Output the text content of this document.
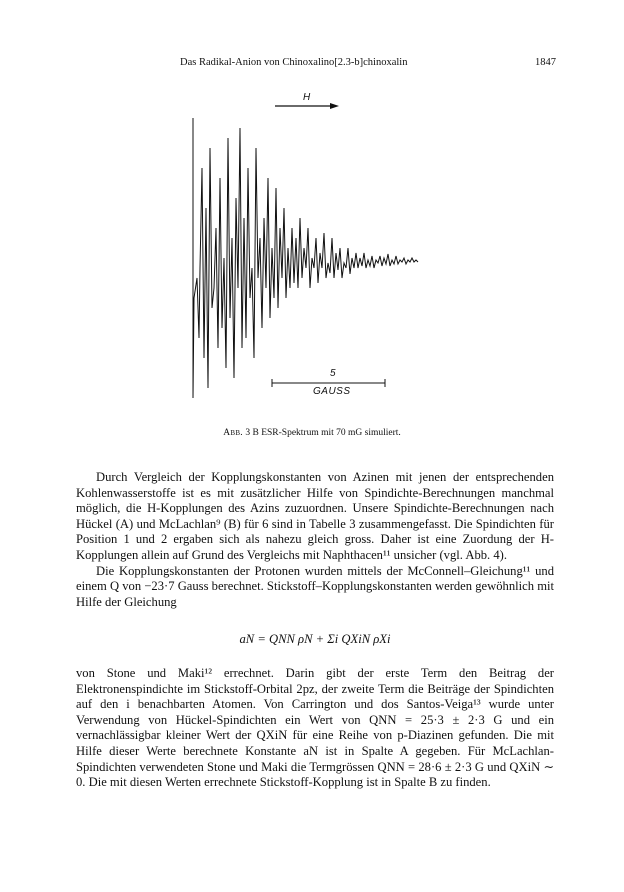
Das Radikal-Anion von Chinoxalino[2.3-b]chinoxalin	1847
H
5
GAUSS
Abb. 3 B ESR-Spektrum mit 70 mG simuliert.

Durch Vergleich der Kopplungskonstanten von Azinen mit jenen der entsprechenden Kohlenwasserstoffe ist es mit zusätzlicher Hilfe von Spindichte-Berechnungen manchmal möglich, die H-Kopplungen des Azins zuzuordnen. Unsere Spindichte-Berechnungen nach Hückel (A) und McLachlan⁹ (B) für 6 sind in Tabelle 3 zusammengefasst. Die Spindichten für Position 1 und 2 ergaben sich als nahezu gleich gross. Daher ist eine Zuordung der H-Kopplungen allein auf Grund des Vergleichs mit Naphthacen¹¹ unsicher (vgl. Abb. 4).

Die Kopplungskonstanten der Protonen wurden mittels der McConnell–Gleichung¹¹ und einem Q von −23·7 Gauss berechnet. Stickstoff–Kopplungskonstanten werden gewöhnlich mit Hilfe der Gleichung

aN = QNN ρN + Σi QXiN ρXi

von Stone und Maki¹² errechnet. Darin gibt der erste Term den Beitrag der Elektronenspindichte im Stickstoff-Orbital 2pz, der zweite Term die Beiträge der Spindichten auf den i benachbarten Atomen. Von Carrington und dos Santos-Veiga¹³ wurde unter Verwendung von Hückel-Spindichten ein Wert von QNN = 25·3 ± 2·3 G und ein vernachlässigbar kleiner Wert der QXiN für eine Reihe von p-Diazinen gefunden. Die mit Hilfe dieser Werte berechnete Konstante aN ist in Spalte A gegeben. Für McLachlan-Spindichten verwendeten Stone und Maki die Termgrössen QNN = 28·6 ± 2·3 G und QXiN ∼ 0. Die mit diesen Werten errechnete Stickstoff-Kopplung ist in Spalte B zu finden.
